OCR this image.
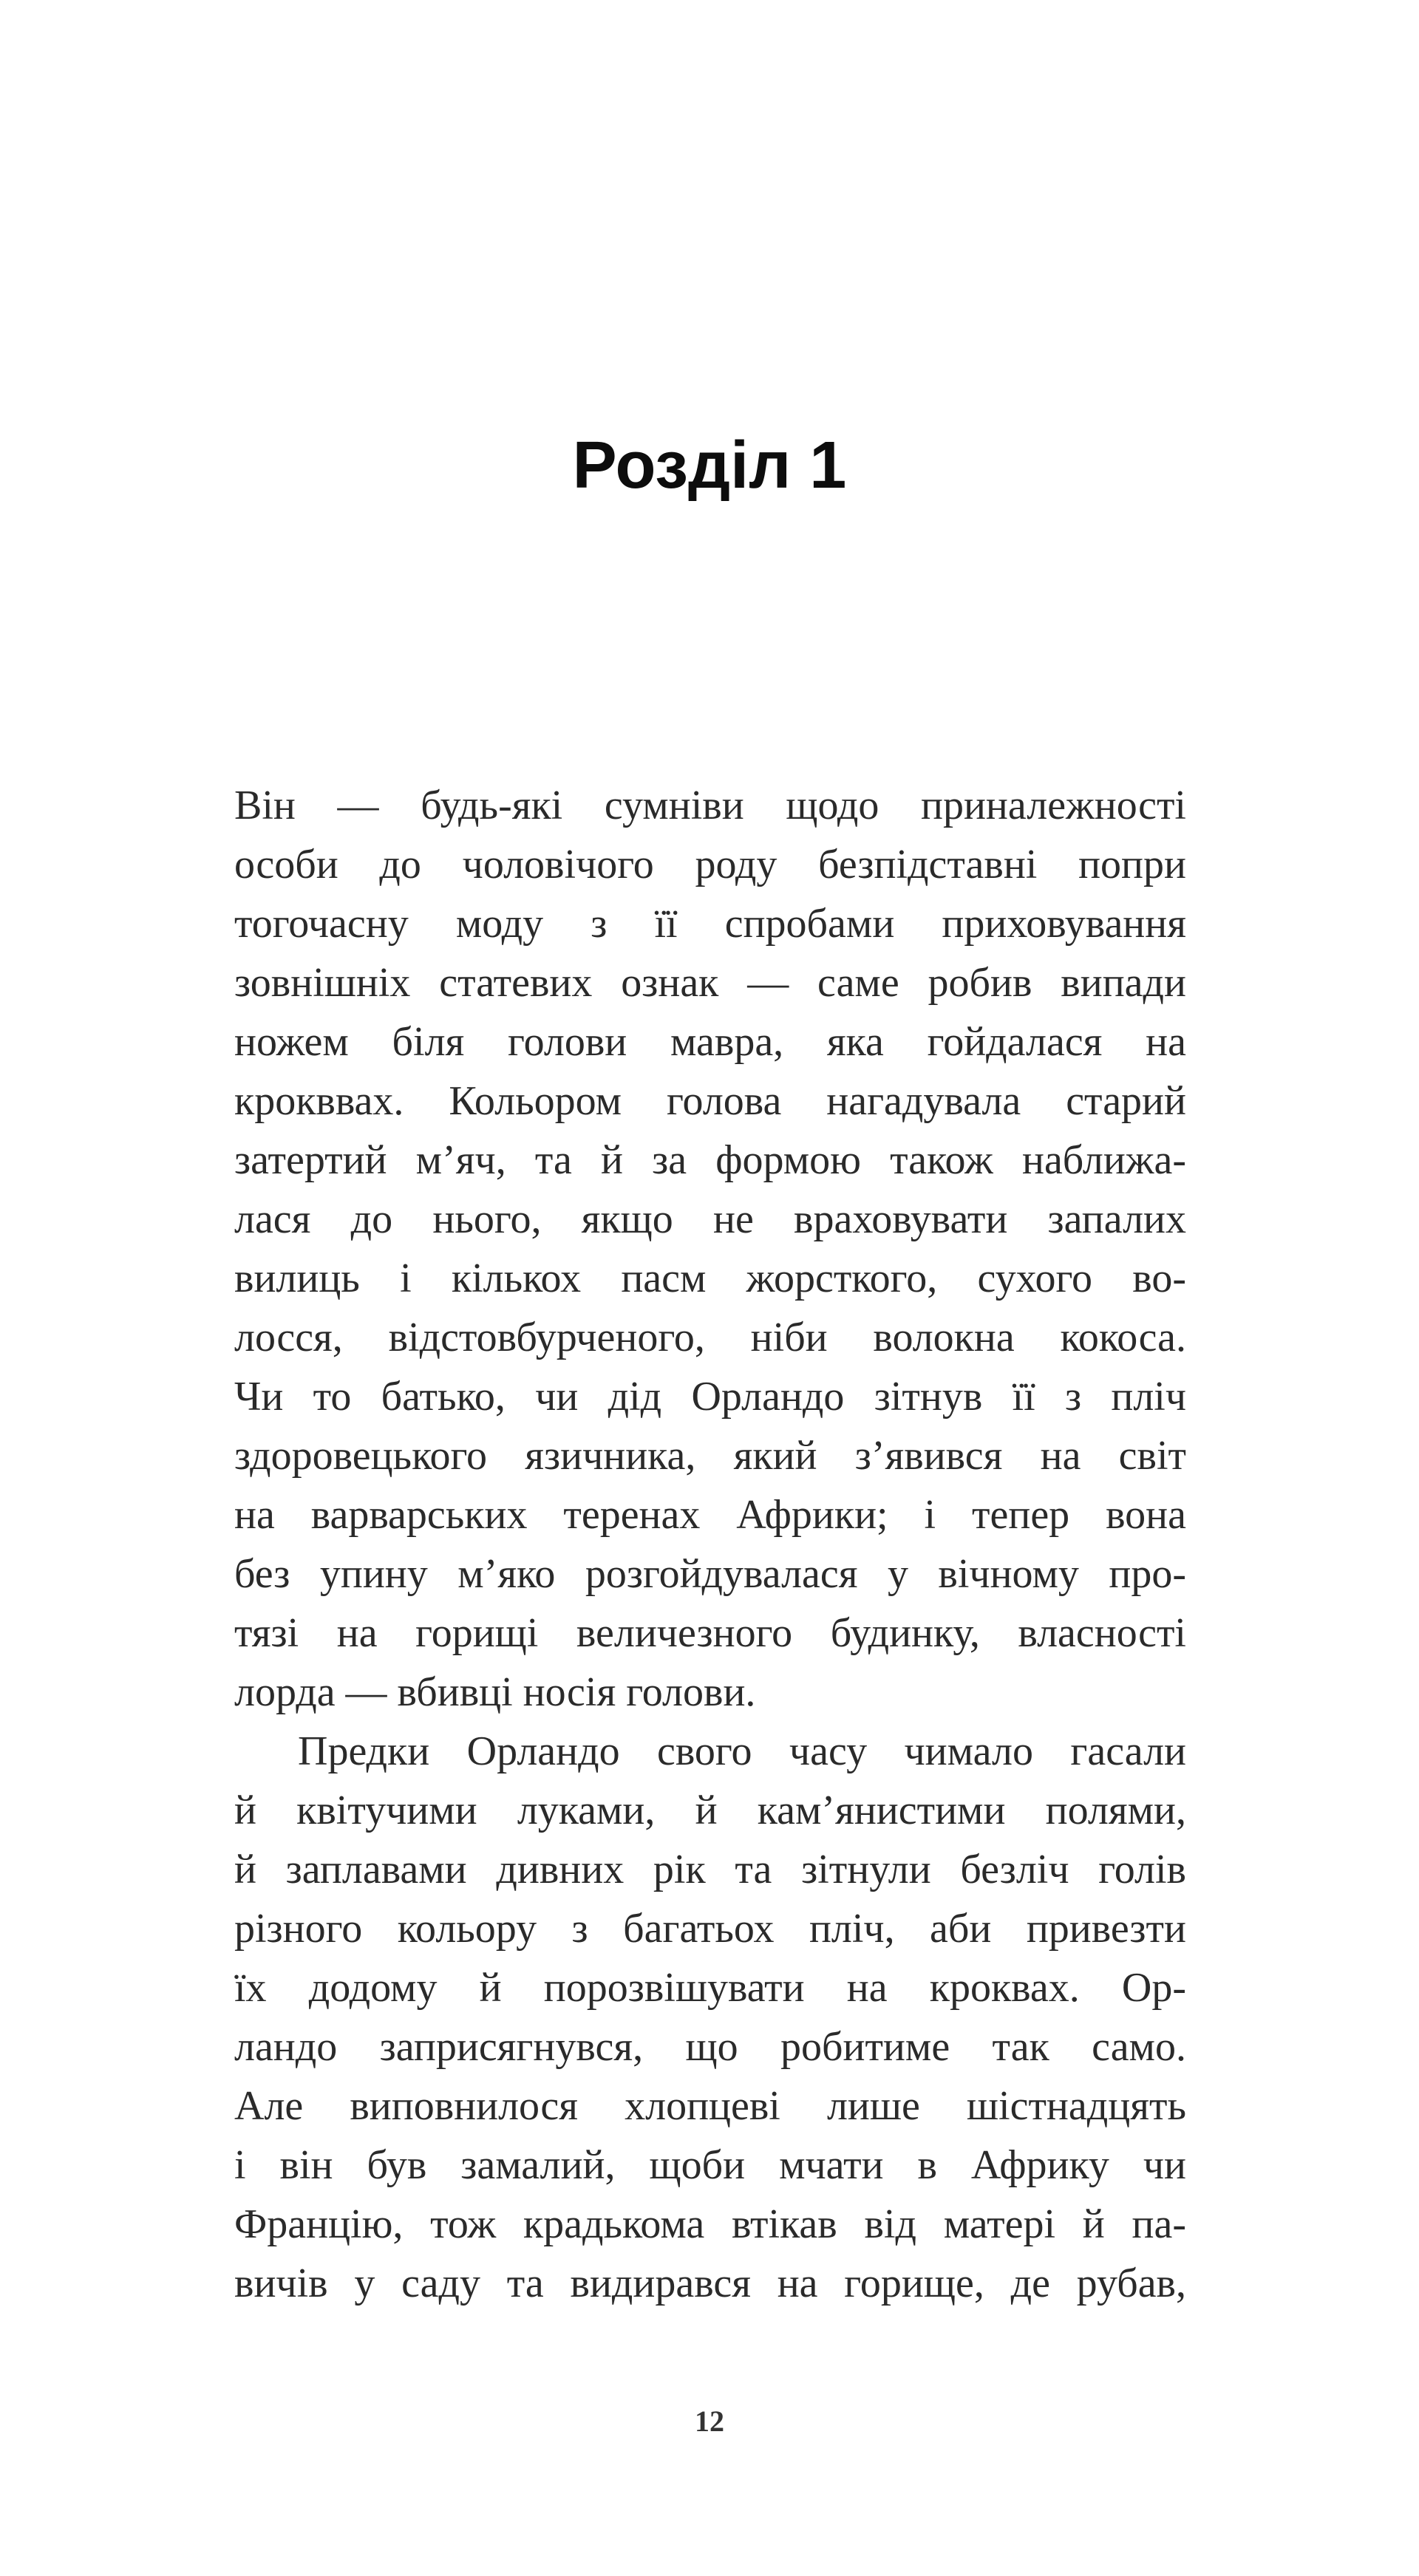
Розділ 1
Він — будь-які сумніви щодо приналежності
особи до чоловічого роду безпідставні попри
тогочасну моду з її спробами приховування
зовнішніх статевих ознак — саме робив випади
ножем біля голови мавра, яка гойдалася на
крокввах. Кольором голова нагадувала старий
затертий м’яч, та й за формою також наближа-
лася до нього, якщо не враховувати запалих
вилиць і кількох пасм жорсткого, сухого во-
лосся, відстовбурченого, ніби волокна кокоса.
Чи то батько, чи дід Орландо зітнув її з пліч
здоровецького язичника, який з’явився на світ
на варварських теренах Африки; і тепер вона
без упину м’яко розгойдувалася у вічному про-
тязі на горищі величезного будинку, власності
лорда — вбивці носія голови.
Предки Орландо свого часу чимало гасали
й квітучими луками, й кам’янистими полями,
й заплавами дивних рік та зітнули безліч голів
різного кольору з багатьох пліч, аби привезти
їх додому й порозвішувати на кроквах. Ор-
ландо заприсягнувся, що робитиме так само.
Але виповнилося хлопцеві лише шістнадцять
і він був замалий, щоби мчати в Африку чи
Францію, тож крадькома втікав від матері й па-
вичів у саду та видирався на горище, де рубав,
12
